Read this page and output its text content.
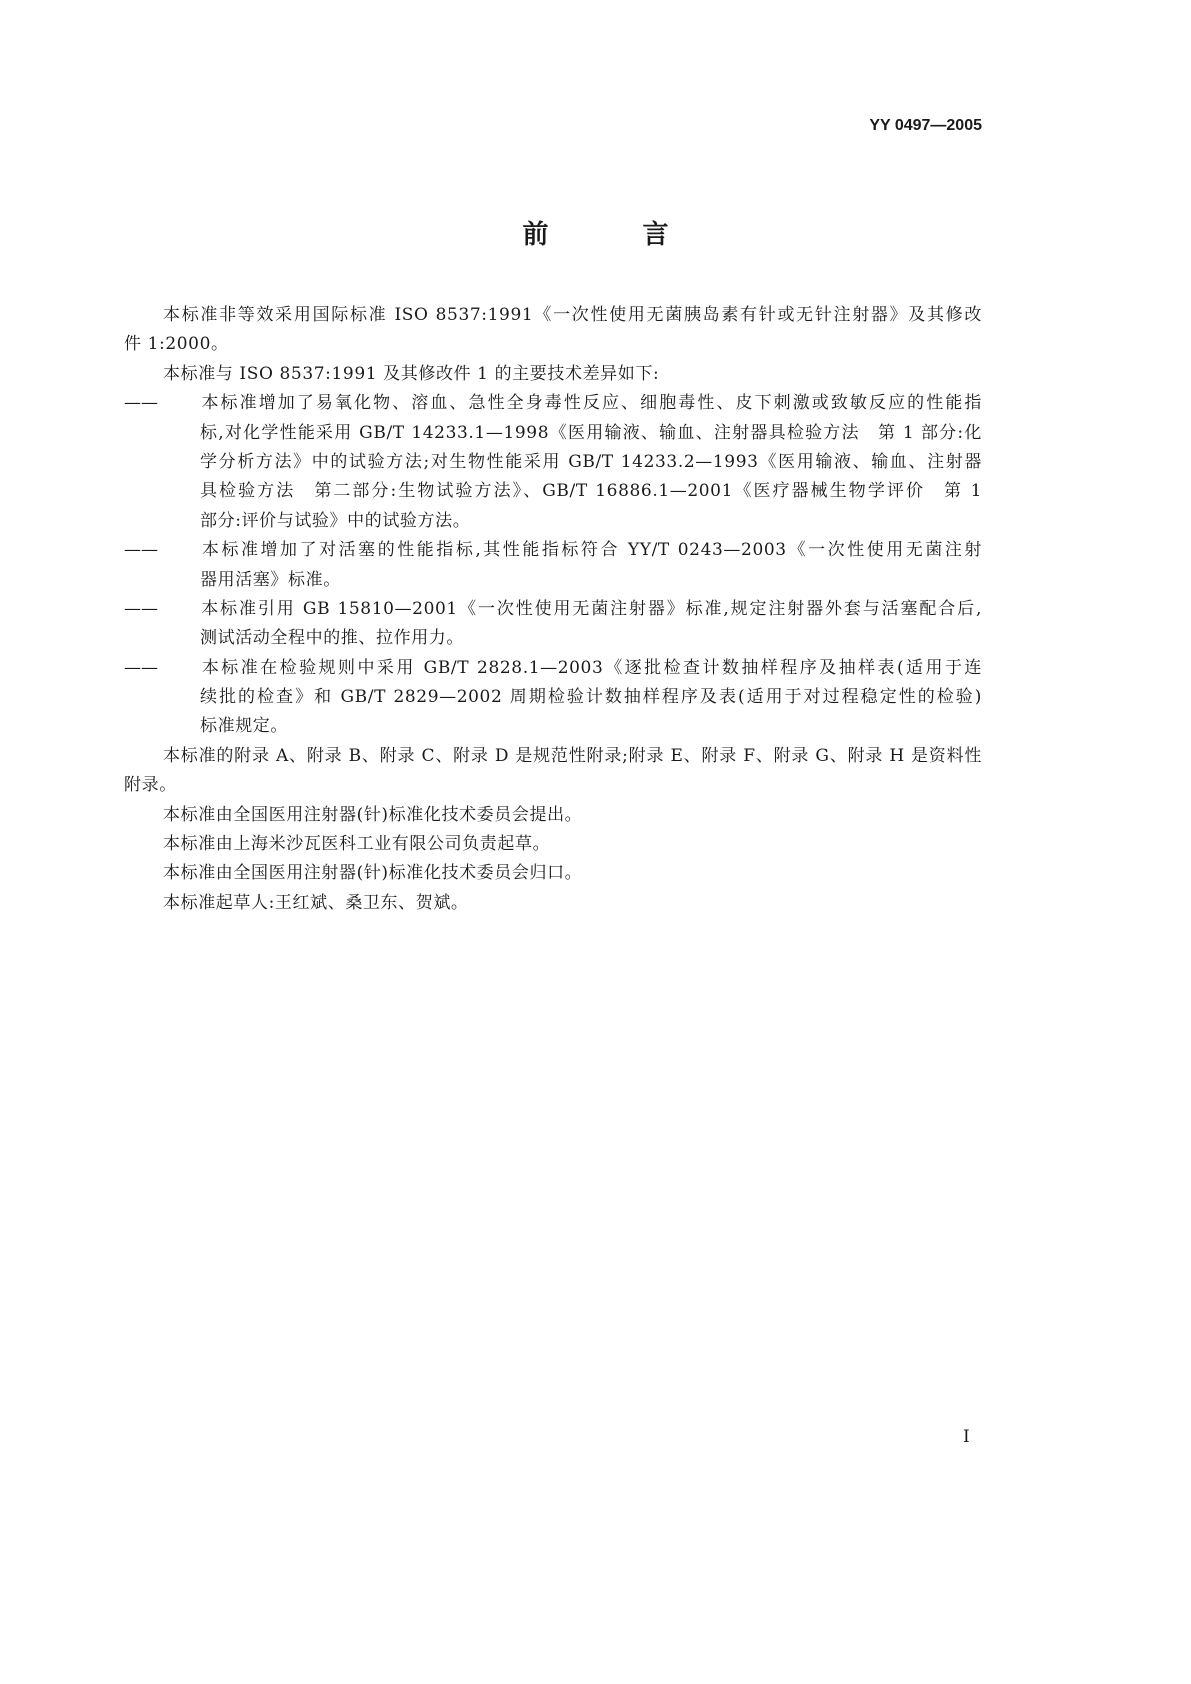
YY 0497—2005
前　言
本标准非等效采用国际标准 ISO 8537:1991《一次性使用无菌胰岛素有针或无针注射器》及其修改
件 1:2000。
本标准与 ISO 8537:1991 及其修改件 1 的主要技术差异如下:
—— 本标准增加了易氧化物、溶血、急性全身毒性反应、细胞毒性、皮下刺激或致敏反应的性能指
标,对化学性能采用 GB/T 14233.1—1998《医用输液、输血、注射器具检验方法　第 1 部分:化
学分析方法》中的试验方法;对生物性能采用 GB/T 14233.2—1993《医用输液、输血、注射器
具检验方法　第二部分:生物试验方法》、GB/T 16886.1—2001《医疗器械生物学评价　第 1
部分:评价与试验》中的试验方法。
—— 本标准增加了对活塞的性能指标,其性能指标符合 YY/T 0243—2003《一次性使用无菌注射
器用活塞》标准。
—— 本标准引用 GB 15810—2001《一次性使用无菌注射器》标准,规定注射器外套与活塞配合后,
测试活动全程中的推、拉作用力。
—— 本标准在检验规则中采用 GB/T 2828.1—2003《逐批检查计数抽样程序及抽样表(适用于连
续批的检查》和 GB/T 2829—2002 周期检验计数抽样程序及表(适用于对过程稳定性的检验)
标准规定。
本标准的附录 A、附录 B、附录 C、附录 D 是规范性附录;附录 E、附录 F、附录 G、附录 H 是资料性
附录。
本标准由全国医用注射器(针)标准化技术委员会提出。
本标准由上海米沙瓦医科工业有限公司负责起草。
本标准由全国医用注射器(针)标准化技术委员会归口。
本标准起草人:王红斌、桑卫东、贺斌。
I
